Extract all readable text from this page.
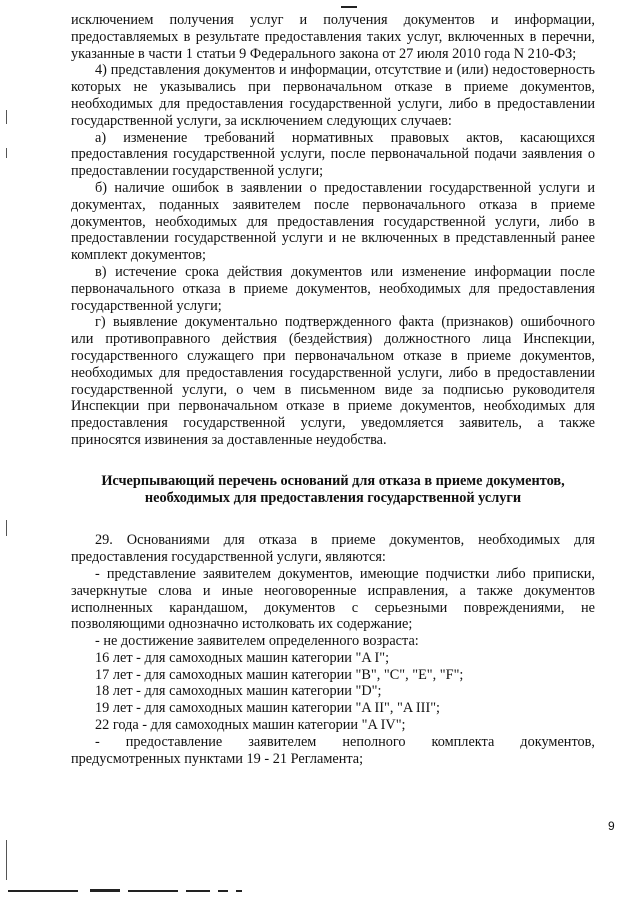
исключением получения услуг и получения документов и информации, предоставляемых в результате предоставления таких услуг, включенных в перечни, указанные в части 1 статьи 9 Федерального закона от 27 июля 2010 года N 210-ФЗ;

4) представления документов и информации, отсутствие и (или) недостоверность которых не указывались при первоначальном отказе в приеме документов, необходимых для предоставления государственной услуги, либо в предоставлении государственной услуги, за исключением следующих случаев:

а) изменение требований нормативных правовых актов, касающихся предоставления государственной услуги, после первоначальной подачи заявления о предоставлении государственной услуги;

б) наличие ошибок в заявлении о предоставлении государственной услуги и документах, поданных заявителем после первоначального отказа в приеме документов, необходимых для предоставления государственной услуги, либо в предоставлении государственной услуги и не включенных в представленный ранее комплект документов;

в) истечение срока действия документов или изменение информации после первоначального отказа в приеме документов, необходимых для предоставления государственной услуги;

г) выявление документально подтвержденного факта (признаков) ошибочного или противоправного действия (бездействия) должностного лица Инспекции, государственного служащего при первоначальном отказе в приеме документов, необходимых для предоставления государственной услуги, либо в предоставлении государственной услуги, о чем в письменном виде за подписью руководителя Инспекции при первоначальном отказе в приеме документов, необходимых для предоставления государственной услуги, уведомляется заявитель, а также приносятся извинения за доставленные неудобства.

Исчерпывающий перечень оснований для отказа в приеме документов,
необходимых для предоставления государственной услуги

29. Основаниями для отказа в приеме документов, необходимых для предоставления государственной услуги, являются:

- представление заявителем документов, имеющие подчистки либо приписки, зачеркнутые слова и иные неоговоренные исправления, а также документов исполненных карандашом, документов с серьезными повреждениями, не позволяющими однозначно истолковать их содержание;

- не достижение заявителем определенного возраста:

16 лет - для самоходных машин категории "A I";

17 лет - для самоходных машин категории "B", "C", "E", "F";

18 лет - для самоходных машин категории "D";

19 лет - для самоходных машин категории "A II", "A III";

22 года - для самоходных машин категории "A IV";

- предоставление заявителем неполного комплекта документов, предусмотренных пунктами 19 - 21 Регламента;

9
